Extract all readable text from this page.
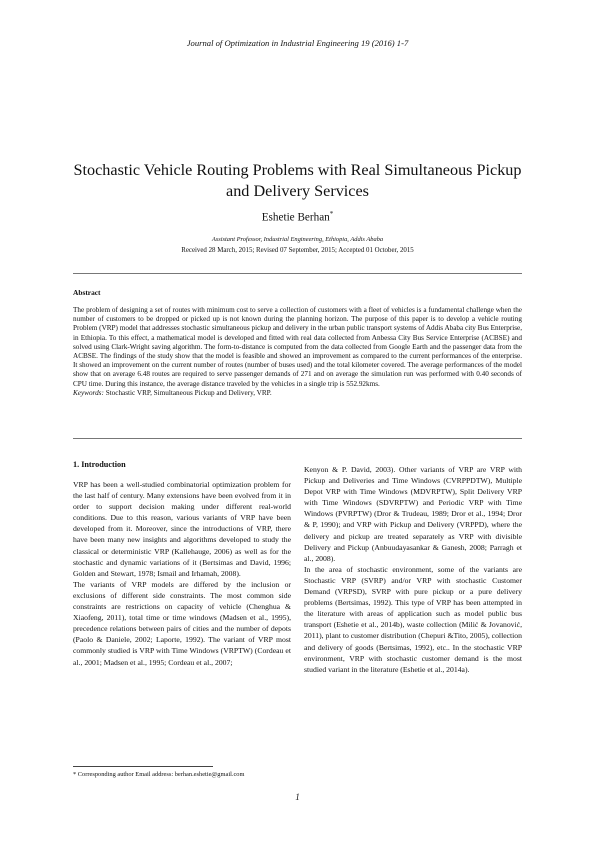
Journal of Optimization in Industrial Engineering 19 (2016) 1-7
Stochastic Vehicle Routing Problems with Real Simultaneous Pickup and Delivery Services
Eshetie Berhan*
Assistant Professor, Industrial Engineering, Ethiopia, Addis Ababa
Received 28 March, 2015; Revised 07 September, 2015; Accepted 01 October, 2015
Abstract
The problem of designing a set of routes with minimum cost to serve a collection of customers with a fleet of vehicles is a fundamental challenge when the number of customers to be dropped or picked up is not known during the planning horizon. The purpose of this paper is to develop a vehicle routing Problem (VRP) model that addresses stochastic simultaneous pickup and delivery in the urban public transport systems of Addis Ababa city Bus Enterprise, in Ethiopia. To this effect, a mathematical model is developed and fitted with real data collected from Anbessa City Bus Service Enterprise (ACBSE) and solved using Clark-Wright saving algorithm. The form-to-distance is computed from the data collected from Google Earth and the passenger data from the ACBSE. The findings of the study show that the model is feasible and showed an improvement as compared to the current performances of the enterprise. It showed an improvement on the current number of routes (number of buses used) and the total kilometer covered. The average performances of the model show that on average 6.48 routes are required to serve passenger demands of 271 and on average the simulation run was performed with 0.40 seconds of CPU time. During this instance, the average distance traveled by the vehicles in a single trip is 552.92kms.
Keywords: Stochastic VRP, Simultaneous Pickup and Delivery, VRP.
1. Introduction

VRP has been a well-studied combinatorial optimization problem for the last half of century. Many extensions have been evolved from it in order to support decision making under different real-world conditions. Due to this reason, various variants of VRP have been developed from it. Moreover, since the introductions of VRP, there have been many new insights and algorithms developed to study the classical or deterministic VRP (Kallehauge, 2006) as well as for the stochastic and dynamic variations of it (Bertsimas and David, 1996; Golden and Stewart, 1978; Ismail and Irhamah, 2008).

The variants of VRP models are differed by the inclusion or exclusions of different side constraints. The most common side constraints are restrictions on capacity of vehicle (Chenghua & Xiaofeng, 2011), total time or time windows (Madsen et al., 1995), precedence relations between pairs of cities and the number of depots (Paolo & Daniele, 2002; Laporte, 1992). The variant of VRP most commonly studied is VRP with Time Windows (VRPTW) (Cordeau et al., 2001; Madsen et al., 1995; Cordeau et al., 2007;

Kenyon & P. David, 2003). Other variants of VRP are VRP with Pickup and Deliveries and Time Windows (CVRPPDTW), Multiple Depot VRP with Time Windows (MDVRPTW), Split Delivery VRP with Time Windows (SDVRPTW) and Periodic VRP with Time Windows (PVRPTW) (Dror & Trudeau, 1989; Dror et al., 1994; Dror & P, 1990); and VRP with Pickup and Delivery (VRPPD), where the delivery and pickup are treated separately as VRP with divisible Delivery and Pickup (Anbuudayasankar & Ganesh, 2008; Parragh et al., 2008).

In the area of stochastic environment, some of the variants are Stochastic VRP (SVRP) and/or VRP with stochastic Customer Demand (VRPSD), SVRP with pure pickup or a pure delivery problems (Bertsimas, 1992). This type of VRP has been attempted in the literature with areas of application such as model public bus transport (Eshetie et al., 2014b), waste collection (Milić & Jovanović, 2011), plant to customer distribution (Chepuri &Tito, 2005), collection and delivery of goods (Bertsimas, 1992), etc.. In the stochastic VRP environment, VRP with stochastic customer demand is the most studied variant in the literature (Eshetie et al., 2014a).

* Corresponding author Email address: berhan.eshetie@gmail.com
1
